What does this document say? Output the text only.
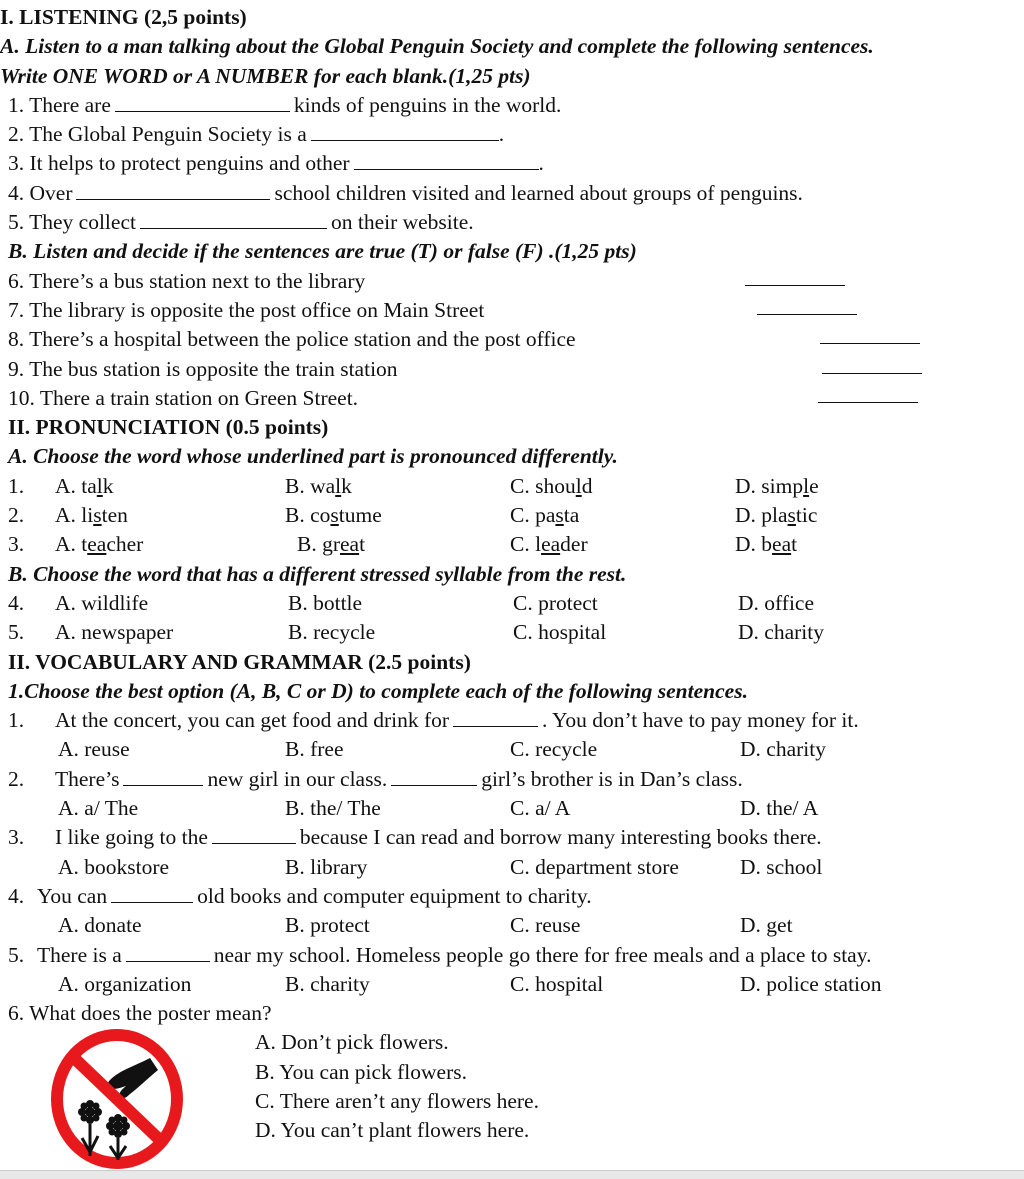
I. LISTENING (2,5 points)
A. Listen to a man talking about the Global Penguin Society and complete the following sentences.
Write ONE WORD or A NUMBER for each blank.(1,25 pts)
1. There are	kinds of penguins in the world.
2. The Global Penguin Society is a	.
3. It helps to protect penguins and other	.
4. Over	school children visited and learned about groups of penguins.
5. They collect	on their website.
B. Listen and decide if the sentences are true (T) or false (F) .(1,25 pts)
6. There’s a bus station next to the library
7. The library is opposite the post office on Main Street
8. There’s a hospital between the police station and the post office
9. The bus station is opposite the train station
10. There a train station on Green Street.
II. PRONUNCIATION (0.5 points)
A. Choose the word whose underlined part is pronounced differently.
1. A. talk	B. walk	C. should	D. simple
2. A. listen	B. costume	C. pasta	D. plastic
3. A. teacher	B. great	C. leader	D. beat
B. Choose the word that has a different stressed syllable from the rest.
4. A. wildlife	B. bottle	C. protect	D. office
5. A. newspaper	B. recycle	C. hospital	D. charity
II. VOCABULARY AND GRAMMAR (2.5 points)
1.Choose the best option (A, B, C or D) to complete each of the following sentences.
1. At the concert, you can get food and drink for	. You don’t have to pay money for it.
A. reuse	B. free	C. recycle	D. charity
2. There’s	new girl in our class.	girl’s brother is in Dan’s class.
A. a/ The	B. the/ The	C. a/ A	D. the/ A
3. I like going to the	because I can read and borrow many interesting books there.
A. bookstore	B. library	C. department store	D. school
4. You can	old books and computer equipment to charity.
A. donate	B. protect	C. reuse	D. get
5. There is a	near my school. Homeless people go there for free meals and a place to stay.
A. organization	B. charity	C. hospital	D. police station
6. What does the poster mean?
A. Don’t pick flowers.
B. You can pick flowers.
C. There aren’t any flowers here.
D. You can’t plant flowers here.
